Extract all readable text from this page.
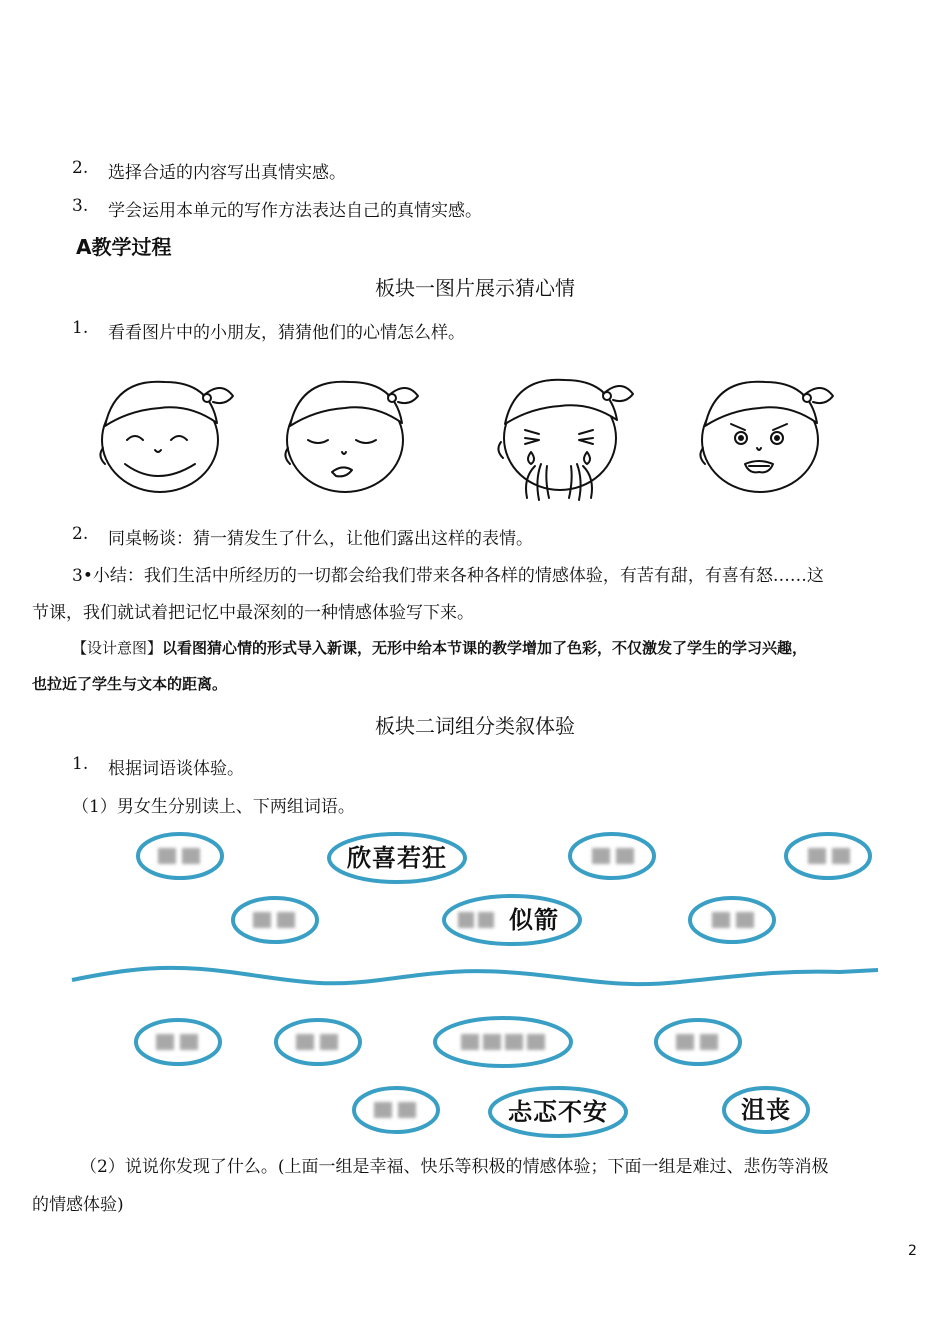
2. 选择合适的内容写出真情实感。
3. 学会运用本单元的写作方法表达自己的真情实感。
A教学过程
板块一图片展示猜心情
1. 看看图片中的小朋友，猜猜他们的心情怎么样。
2. 同桌畅谈：猜一猜发生了什么，让他们露出这样的表情。
3•小结：我们生活中所经历的一切都会给我们带来各种各样的情感体验，有苦有甜，有喜有怒……这
节课，我们就试着把记忆中最深刻的一种情感体验写下来。
【设计意图】以看图猜心情的形式导入新课，无形中给本节课的教学增加了色彩，不仅激发了学生的学习兴趣，
也拉近了学生与文本的距离。
板块二词组分类叙体验
1. 根据词语谈体验。
（1）男女生分别读上、下两组词语。
欣喜若狂
似箭
忐忑不安	沮丧
（2）说说你发现了什么。(上面一组是幸福、快乐等积极的情感体验；下面一组是难过、悲伤等消极
的情感体验)
2
